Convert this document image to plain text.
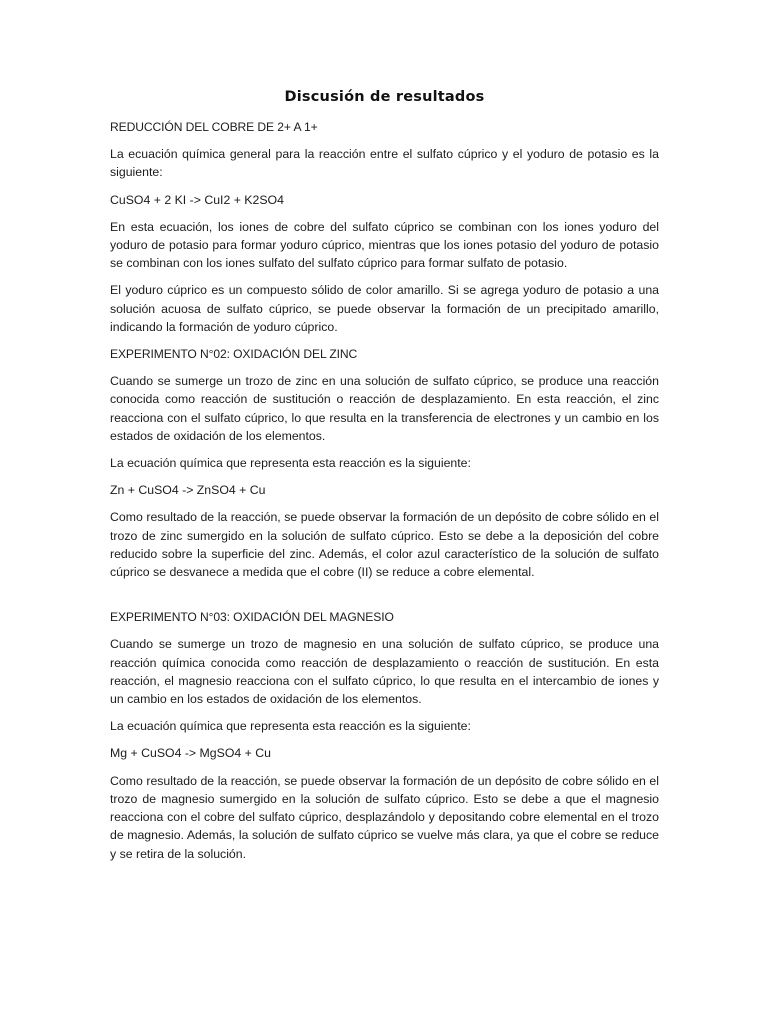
Discusión de resultados
REDUCCIÓN DEL COBRE DE 2+ A 1+
La ecuación química general para la reacción entre el sulfato cúprico y el yoduro de potasio es la siguiente:
CuSO4 + 2 KI -> CuI2 + K2SO4
En esta ecuación, los iones de cobre del sulfato cúprico se combinan con los iones yoduro del yoduro de potasio para formar yoduro cúprico, mientras que los iones potasio del yoduro de potasio se combinan con los iones sulfato del sulfato cúprico para formar sulfato de potasio.
El yoduro cúprico es un compuesto sólido de color amarillo. Si se agrega yoduro de potasio a una solución acuosa de sulfato cúprico, se puede observar la formación de un precipitado amarillo, indicando la formación de yoduro cúprico.
EXPERIMENTO N°02: OXIDACIÓN DEL ZINC
Cuando se sumerge un trozo de zinc en una solución de sulfato cúprico, se produce una reacción conocida como reacción de sustitución o reacción de desplazamiento. En esta reacción, el zinc reacciona con el sulfato cúprico, lo que resulta en la transferencia de electrones y un cambio en los estados de oxidación de los elementos.
La ecuación química que representa esta reacción es la siguiente:
Zn + CuSO4 -> ZnSO4 + Cu
Como resultado de la reacción, se puede observar la formación de un depósito de cobre sólido en el trozo de zinc sumergido en la solución de sulfato cúprico. Esto se debe a la deposición del cobre reducido sobre la superficie del zinc. Además, el color azul característico de la solución de sulfato cúprico se desvanece a medida que el cobre (II) se reduce a cobre elemental.
EXPERIMENTO N°03: OXIDACIÓN DEL MAGNESIO
Cuando se sumerge un trozo de magnesio en una solución de sulfato cúprico, se produce una reacción química conocida como reacción de desplazamiento o reacción de sustitución. En esta reacción, el magnesio reacciona con el sulfato cúprico, lo que resulta en el intercambio de iones y un cambio en los estados de oxidación de los elementos.
La ecuación química que representa esta reacción es la siguiente:
Mg + CuSO4 -> MgSO4 + Cu
Como resultado de la reacción, se puede observar la formación de un depósito de cobre sólido en el trozo de magnesio sumergido en la solución de sulfato cúprico. Esto se debe a que el magnesio reacciona con el cobre del sulfato cúprico, desplazándolo y depositando cobre elemental en el trozo de magnesio. Además, la solución de sulfato cúprico se vuelve más clara, ya que el cobre se reduce y se retira de la solución.
